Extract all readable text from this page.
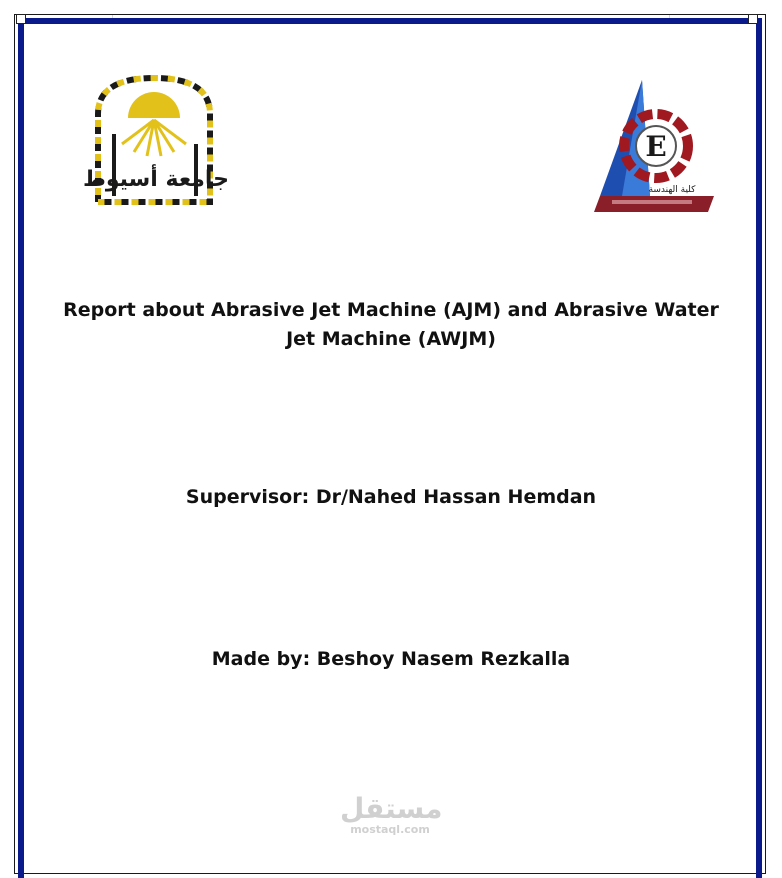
جامعة أسيوط
E
كلية الهندسة
Report about Abrasive Jet Machine (AJM) and Abrasive Water Jet Machine (AWJM)
Supervisor: Dr/Nahed Hassan Hemdan
Made by: Beshoy Nasem Rezkalla
مستقل
mostaql.com
